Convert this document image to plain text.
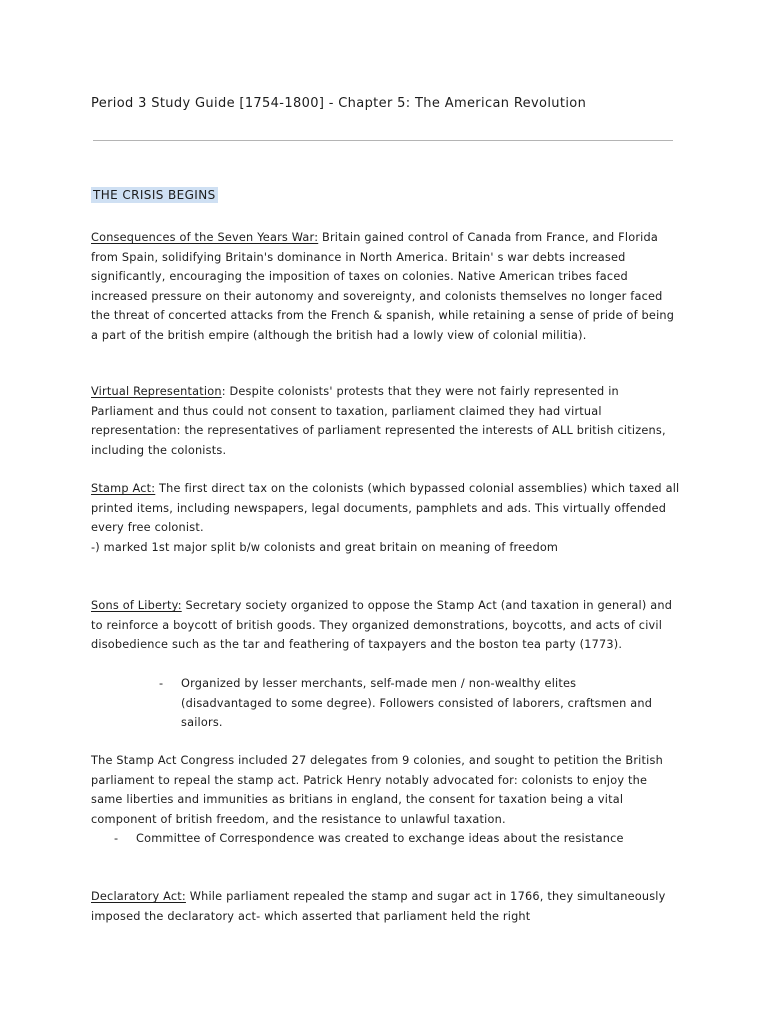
Period 3 Study Guide [1754-1800] - Chapter 5: The American Revolution
THE CRISIS BEGINS

Consequences of the Seven Years War: Britain gained control of Canada from France, and Florida from Spain, solidifying Britain's dominance in North America. Britain' s war debts increased significantly, encouraging the imposition of taxes on colonies. Native American tribes faced increased pressure on their autonomy and sovereignty, and colonists themselves no longer faced the threat of concerted attacks from the French & spanish, while retaining a sense of pride of being a part of the british empire (although the british had a lowly view of colonial militia).

Virtual Representation: Despite colonists' protests that they were not fairly represented in Parliament and thus could not consent to taxation, parliament claimed they had virtual representation: the representatives of parliament represented the interests of ALL british citizens, including the colonists.

Stamp Act: The first direct tax on the colonists (which bypassed colonial assemblies) which taxed all printed items, including newspapers, legal documents, pamphlets and ads. This virtually offended every free colonist.

-) marked 1st major split b/w colonists and great britain on meaning of freedom

Sons of Liberty: Secretary society organized to oppose the Stamp Act (and taxation in general) and to reinforce a boycott of british goods. They organized demonstrations, boycotts, and acts of civil disobedience such as the tar and feathering of taxpayers and the boston tea party (1773).

- Organized by lesser merchants, self-made men / non-wealthy elites (disadvantaged to some degree). Followers consisted of laborers, craftsmen and sailors.

The Stamp Act Congress included 27 delegates from 9 colonies, and sought to petition the British parliament to repeal the stamp act. Patrick Henry notably advocated for: colonists to enjoy the same liberties and immunities as britians in england, the consent for taxation being a vital component of british freedom, and the resistance to unlawful taxation.

- Committee of Correspondence was created to exchange ideas about the resistance

Declaratory Act: While parliament repealed the stamp and sugar act in 1766, they simultaneously imposed the declaratory act- which asserted that parliament held the right
